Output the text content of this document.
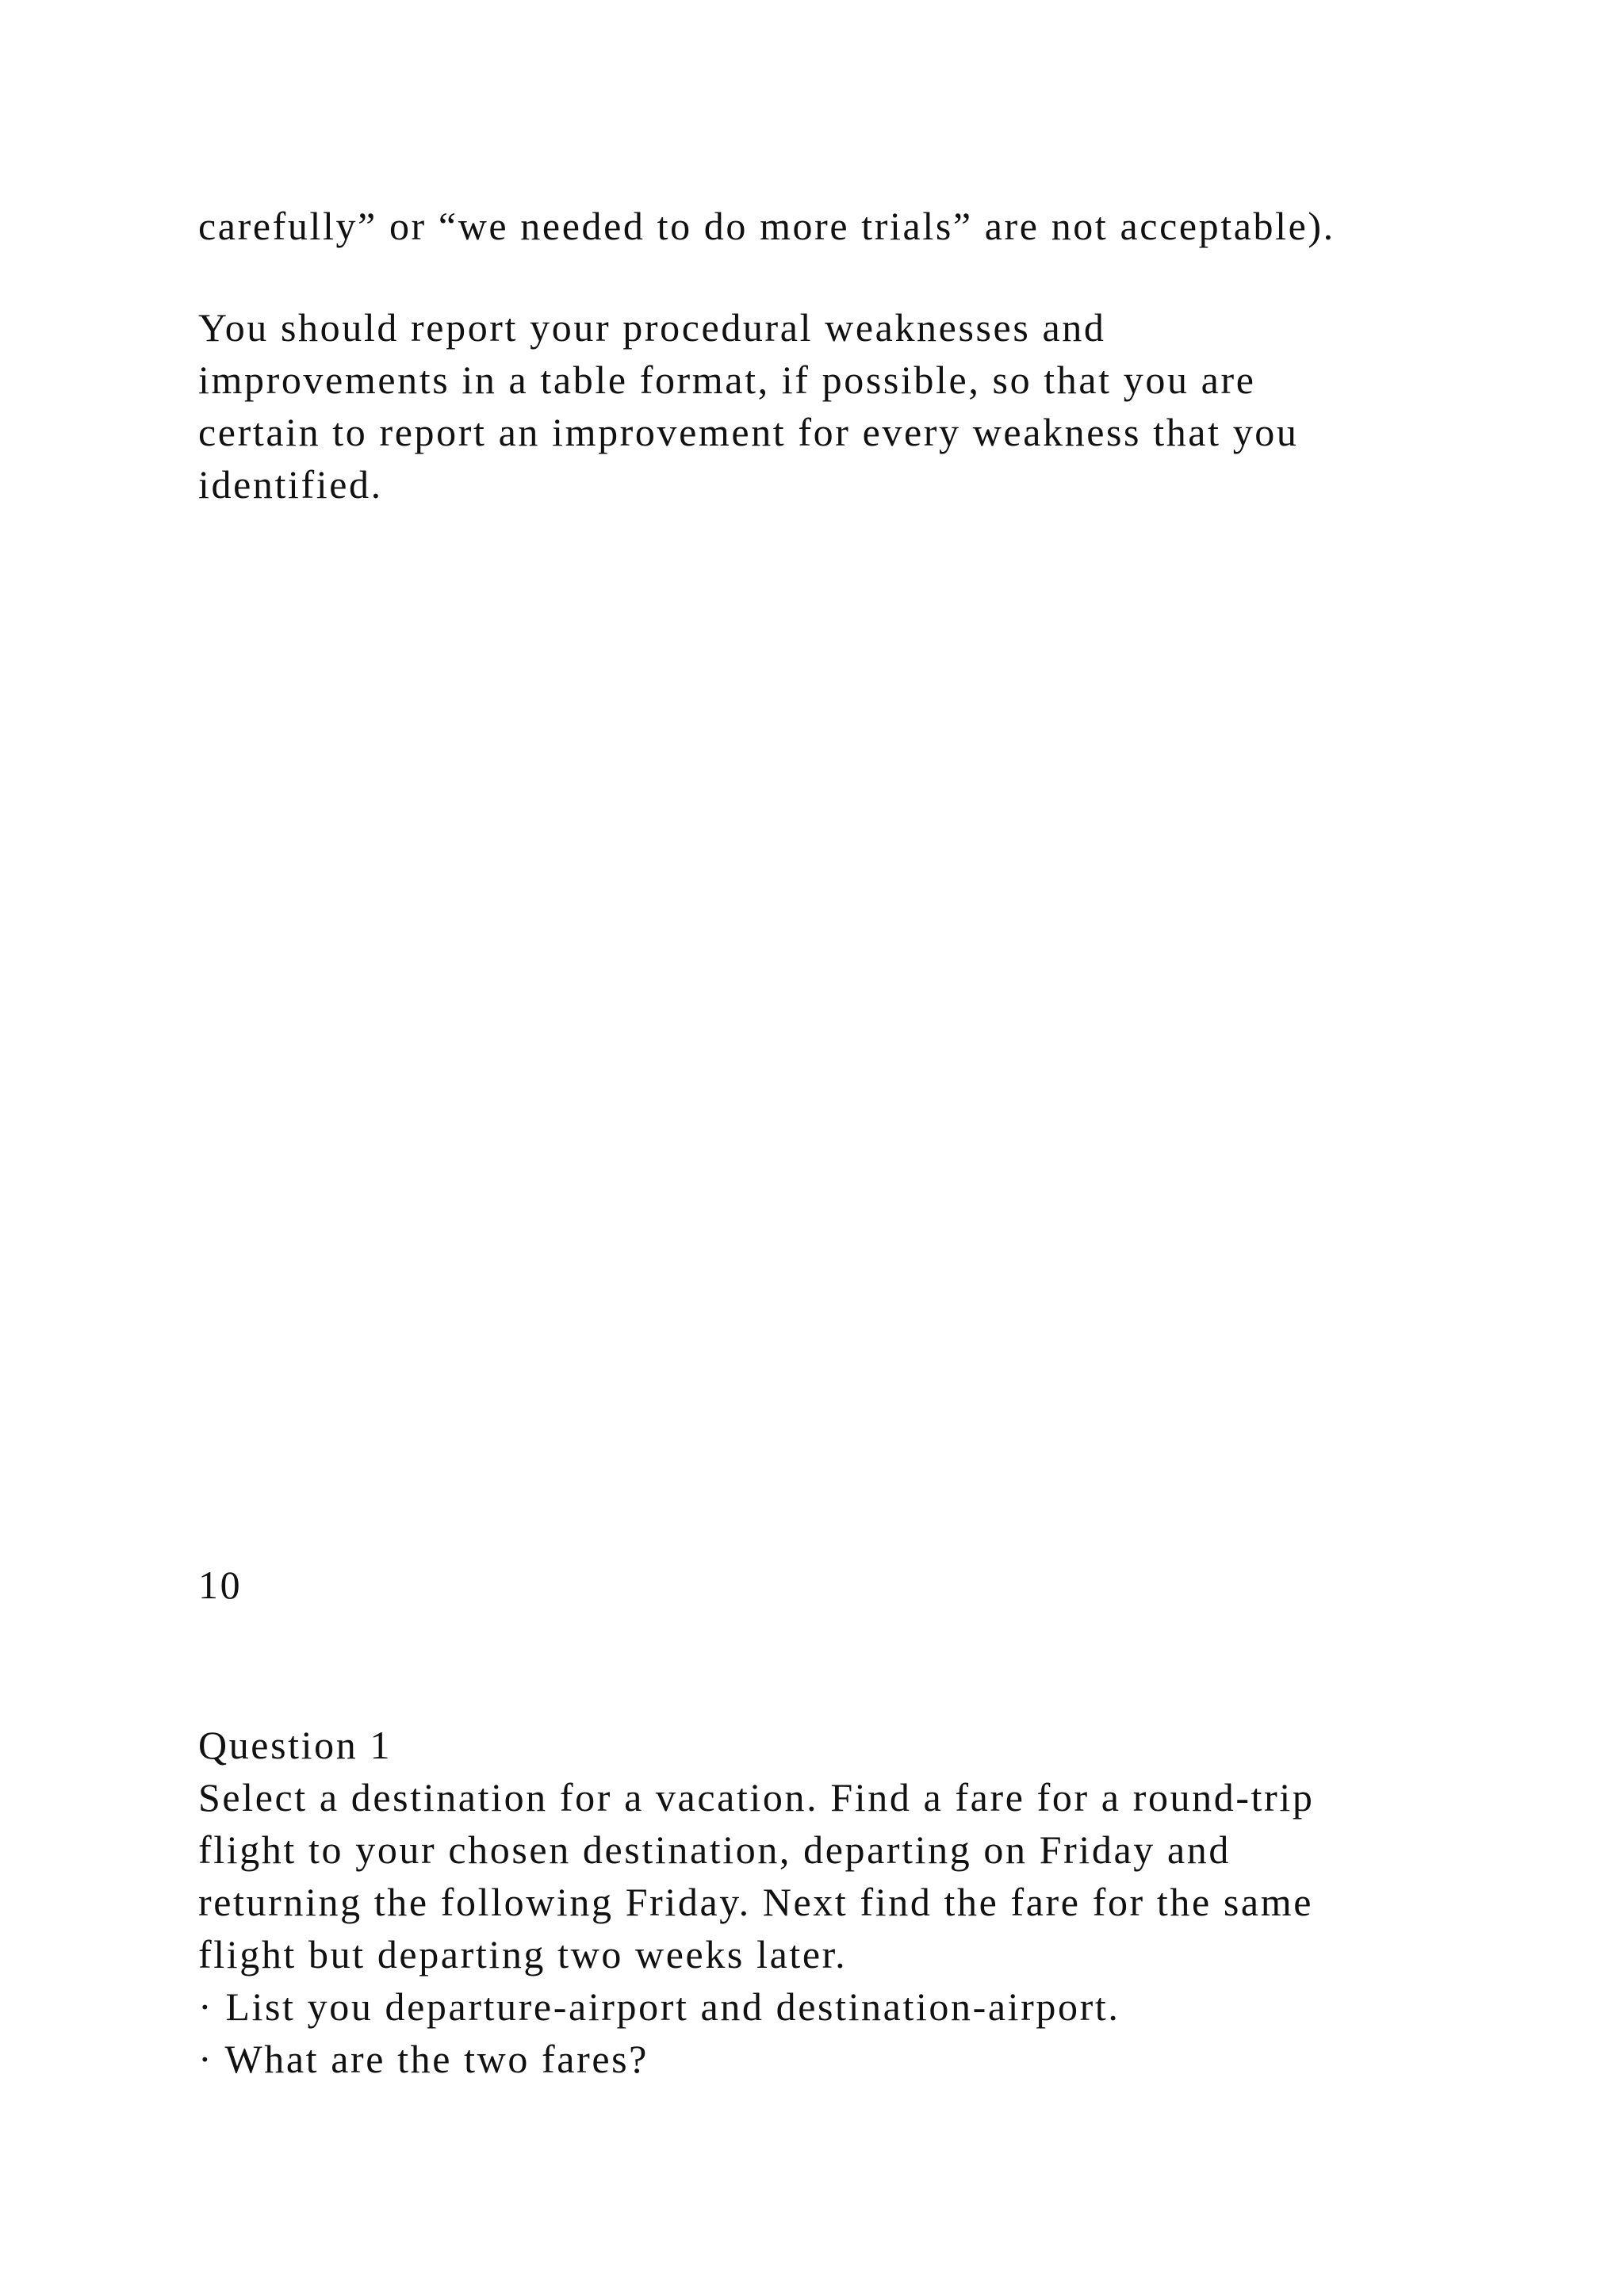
carefully” or “we needed to do more trials” are not acceptable).
You should report your procedural weaknesses and
improvements in a table format, if possible, so that you are
certain to report an improvement for every weakness that you
identified.
10
Question 1
Select a destination for a vacation. Find a fare for a round-trip
flight to your chosen destination, departing on Friday and
returning the following Friday. Next find the fare for the same
flight but departing two weeks later.
· List you departure-airport and destination-airport.
· What are the two fares?
